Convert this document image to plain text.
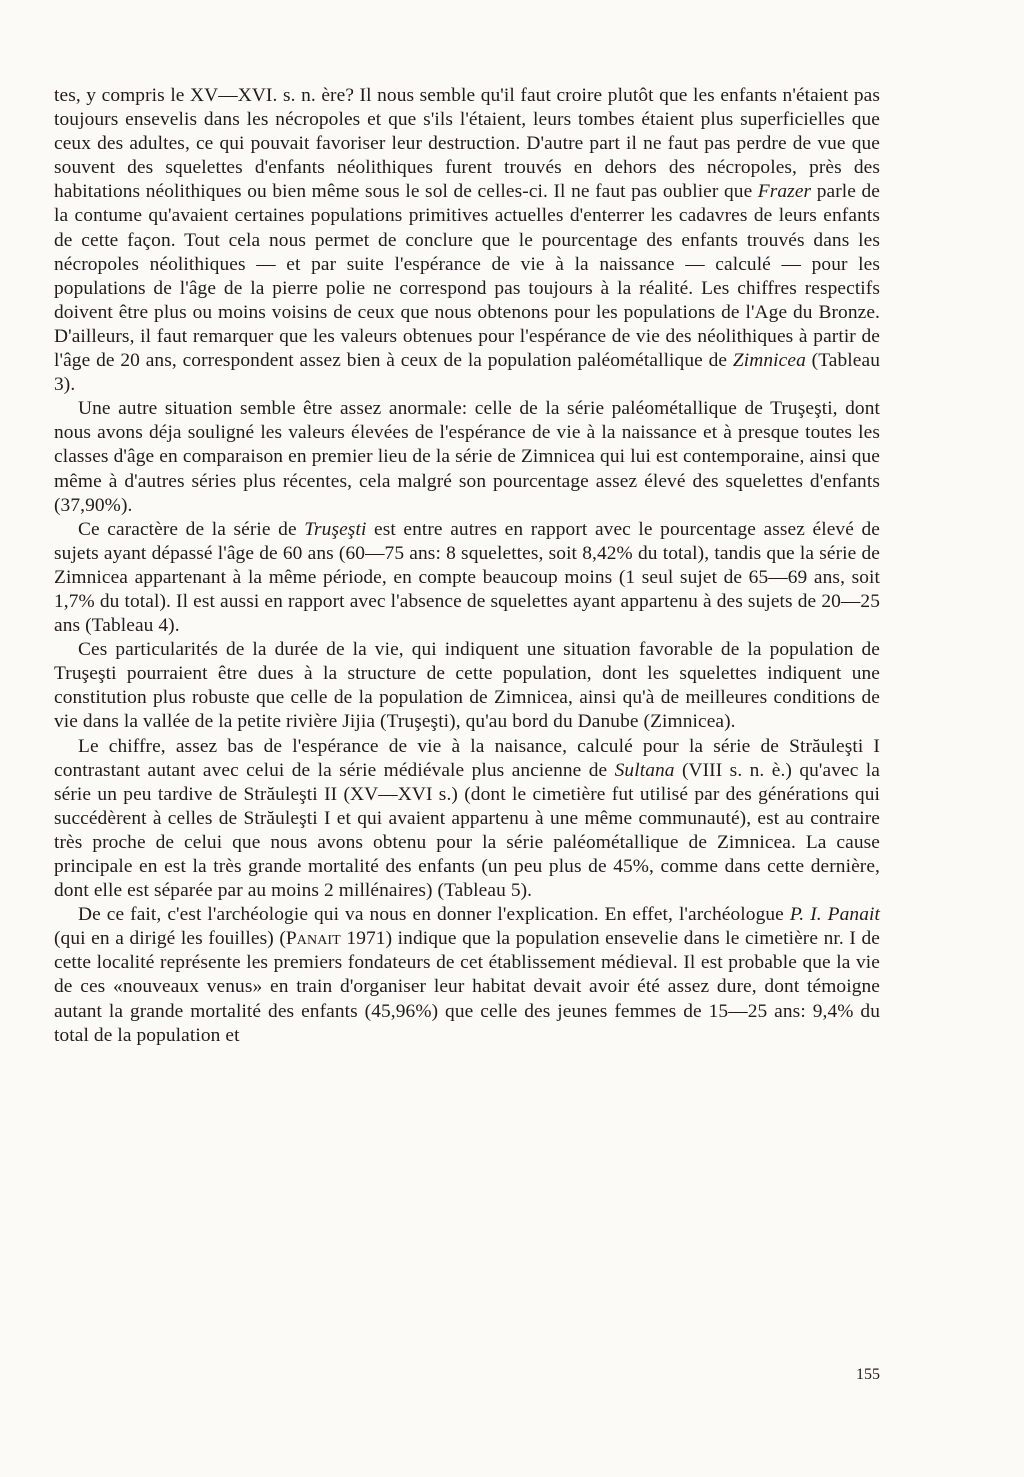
tes, y compris le XV—XVI. s. n. ère? Il nous semble qu'il faut croire plutôt que les enfants n'étaient pas toujours ensevelis dans les nécropoles et que s'ils l'étaient, leurs tombes étaient plus superficielles que ceux des adultes, ce qui pouvait favoriser leur destruction. D'autre part il ne faut pas perdre de vue que souvent des squelettes d'enfants néolithiques furent trouvés en dehors des nécropoles, près des habitations néolithiques ou bien même sous le sol de celles-ci. Il ne faut pas oublier que Frazer parle de la contume qu'avaient certaines populations primitives actuelles d'enterrer les cadavres de leurs enfants de cette façon. Tout cela nous permet de conclure que le pourcentage des enfants trouvés dans les nécropoles néolithiques — et par suite l'espérance de vie à la naissance — calculé — pour les populations de l'âge de la pierre polie ne correspond pas toujours à la réalité. Les chiffres respectifs doivent être plus ou moins voisins de ceux que nous obtenons pour les populations de l'Age du Bronze. D'ailleurs, il faut remarquer que les valeurs obtenues pour l'espérance de vie des néolithiques à partir de l'âge de 20 ans, correspondent assez bien à ceux de la population paléométallique de Zimnicea (Tableau 3).

Une autre situation semble être assez anormale: celle de la série paléométallique de Truşeşti, dont nous avons déja souligné les valeurs élevées de l'espérance de vie à la naissance et à presque toutes les classes d'âge en comparaison en premier lieu de la série de Zimnicea qui lui est contemporaine, ainsi que même à d'autres séries plus récentes, cela malgré son pourcentage assez élevé des squelettes d'enfants (37,90%).

Ce caractère de la série de Truşeşti est entre autres en rapport avec le pourcentage assez élevé de sujets ayant dépassé l'âge de 60 ans (60—75 ans: 8 squelettes, soit 8,42% du total), tandis que la série de Zimnicea appartenant à la même période, en compte beaucoup moins (1 seul sujet de 65—69 ans, soit 1,7% du total). Il est aussi en rapport avec l'absence de squelettes ayant appartenu à des sujets de 20—25 ans (Tableau 4).

Ces particularités de la durée de la vie, qui indiquent une situation favorable de la population de Truşeşti pourraient être dues à la structure de cette population, dont les squelettes indiquent une constitution plus robuste que celle de la population de Zimnicea, ainsi qu'à de meilleures conditions de vie dans la vallée de la petite rivière Jijia (Truşeşti), qu'au bord du Danube (Zimnicea).

Le chiffre, assez bas de l'espérance de vie à la naisance, calculé pour la série de Străuleşti I contrastant autant avec celui de la série médiévale plus ancienne de Sultana (VIII s. n. è.) qu'avec la série un peu tardive de Străuleşti II (XV—XVI s.) (dont le cimetière fut utilisé par des générations qui succédèrent à celles de Străuleşti I et qui avaient appartenu à une même communauté), est au contraire très proche de celui que nous avons obtenu pour la série paléométallique de Zimnicea. La cause principale en est la très grande mortalité des enfants (un peu plus de 45%, comme dans cette dernière, dont elle est séparée par au moins 2 millénaires) (Tableau 5).

De ce fait, c'est l'archéologie qui va nous en donner l'explication. En effet, l'archéologue P. I. Panait (qui en a dirigé les fouilles) (Panait 1971) indique que la population ensevelie dans le cimetière nr. I de cette localité représente les premiers fondateurs de cet établissement médieval. Il est probable que la vie de ces «nouveaux venus» en train d'organiser leur habitat devait avoir été assez dure, dont témoigne autant la grande mortalité des enfants (45,96%) que celle des jeunes femmes de 15—25 ans: 9,4% du total de la population et

155
